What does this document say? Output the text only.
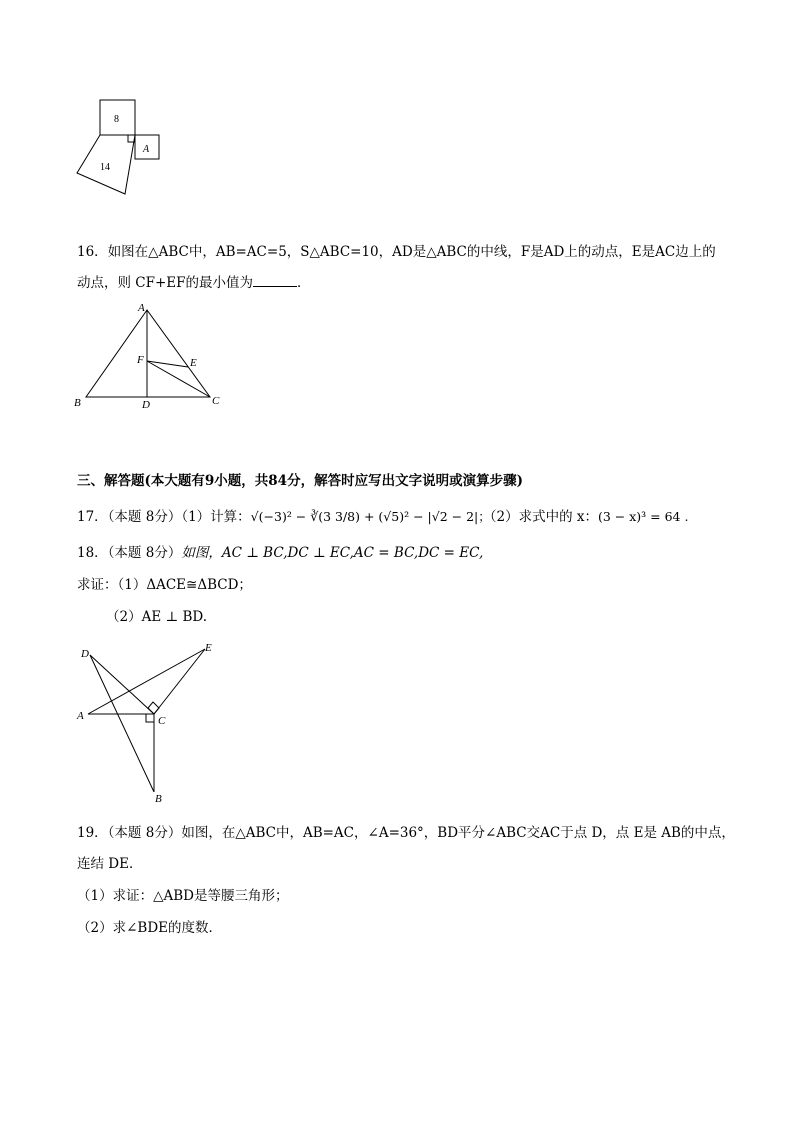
8
14
A
16．如图在△ABC中，AB=AC=5，S△ABC=10，AD是△ABC的中线，F是AD上的动点，E是AC边上的
动点，则 CF+EF的最小值为	．
A
B	C
D
E
F
三、解答题(本大题有9小题，共84分，解答时应写出文字说明或演算步骤)
17．（本题 8分）（1）计算：√(−3)² − ∛(3 3/8) + (√5)² − |√2 − 2|；
（2）求式中的 x：(3 − x)³ = 64 .
18．（本题 8分）如图，AC ⊥ BC,DC ⊥ EC,AC = BC,DC = EC,
求证：（1）ΔACE≅ΔBCD；
（2）AE ⊥ BD.
D	E
A	C
B
19．（本题 8分）如图，在△ABC中，AB=AC，∠A=36°，BD平分∠ABC交AC于点 D，点 E是 AB的中点，
连结 DE．
（1）求证：△ABD是等腰三角形；
（2）求∠BDE的度数．
